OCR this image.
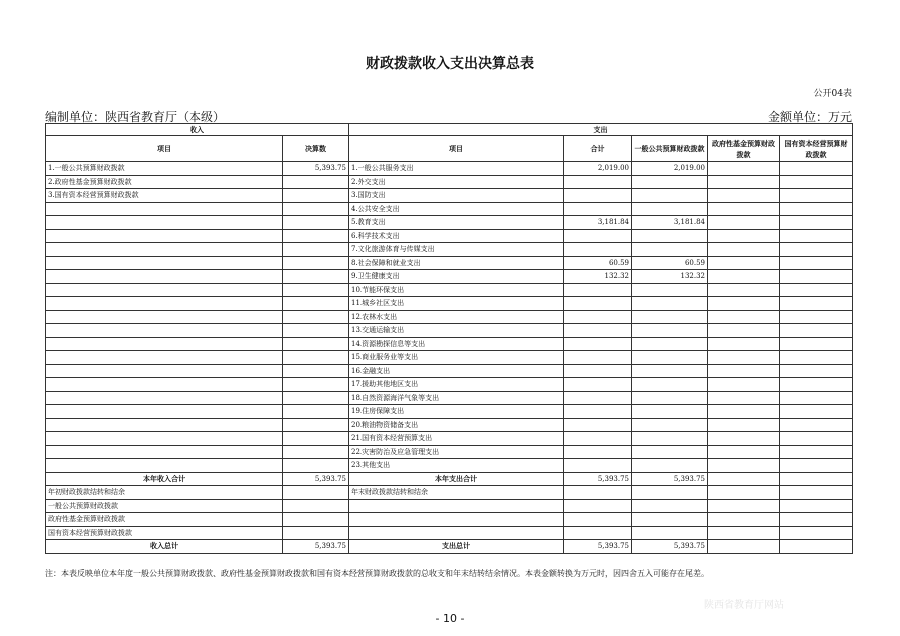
财政拨款收入支出决算总表
公开04表
编制单位：陕西省教育厅（本级）	金额单位：万元
收入		支出				
项目	决算数	项目	合计	一般公共预算财政拨款	政府性基金预算财政拨款	国有资本经营预算财政拨款
1.一般公共预算财政拨款	5,393.75	1.一般公共服务支出	2,019.00	2,019.00		
2.政府性基金预算财政拨款		2.外交支出				
3.国有资本经营预算财政拨款		3.国防支出				
		4.公共安全支出				
		5.教育支出	3,181.84	3,181.84		
		6.科学技术支出				
		7.文化旅游体育与传媒支出				
		8.社会保障和就业支出	60.59	60.59		
		9.卫生健康支出	132.32	132.32		
		10.节能环保支出				
		11.城乡社区支出				
		12.农林水支出				
		13.交通运输支出				
		14.资源勘探信息等支出				
		15.商业服务业等支出				
		16.金融支出				
		17.援助其他地区支出				
		18.自然资源海洋气象等支出				
		19.住房保障支出				
		20.粮油物资储备支出				
		21.国有资本经营预算支出				
		22.灾害防治及应急管理支出				
		23.其他支出				
本年收入合计	5,393.75	本年支出合计	5,393.75	5,393.75		
年初财政拨款结转和结余		年末财政拨款结转和结余				
一般公共预算财政拨款						
政府性基金预算财政拨款						
国有资本经营预算财政拨款						
收入总计	5,393.75	支出总计	5,393.75	5,393.75		
注：本表反映单位本年度一般公共预算财政拨款、政府性基金预算财政拨款和国有资本经营预算财政拨款的总收支和年末结转结余情况。本表金额转换为万元时，因四舍五入可能存在尾差。
- 10 -
陕西省教育厅网站
